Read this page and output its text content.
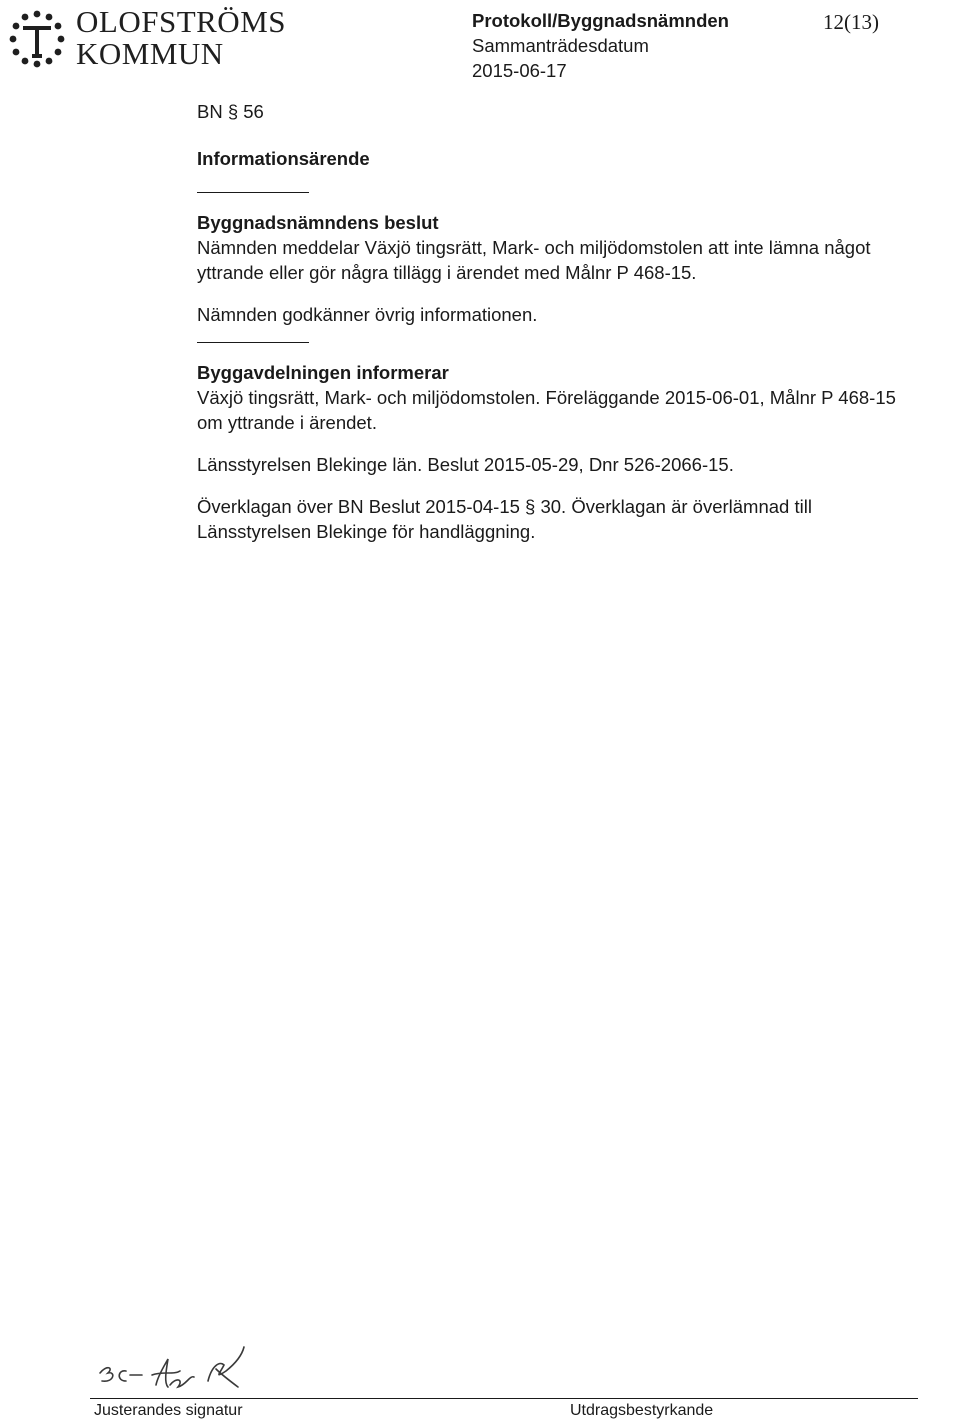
OLOFSTRÖMS
KOMMUN
Protokoll/Byggnadsnämnden
Sammanträdesdatum
2015-06-17
12(13)
BN § 56
Informationsärende
Byggnadsnämndens beslut
Nämnden meddelar Växjö tingsrätt, Mark- och miljödomstolen att inte lämna något
yttrande eller gör några tillägg i ärendet med Målnr P 468-15.
Nämnden godkänner övrig informationen.
Byggavdelningen informerar
Växjö tingsrätt, Mark- och miljödomstolen. Föreläggande 2015-06-01, Målnr P 468-15
om yttrande i ärendet.
Länsstyrelsen Blekinge län. Beslut 2015-05-29, Dnr 526-2066-15.
Överklagan över BN Beslut 2015-04-15 § 30. Överklagan är överlämnad till
Länsstyrelsen Blekinge för handläggning.
Justerandes signatur	Utdragsbestyrkande
